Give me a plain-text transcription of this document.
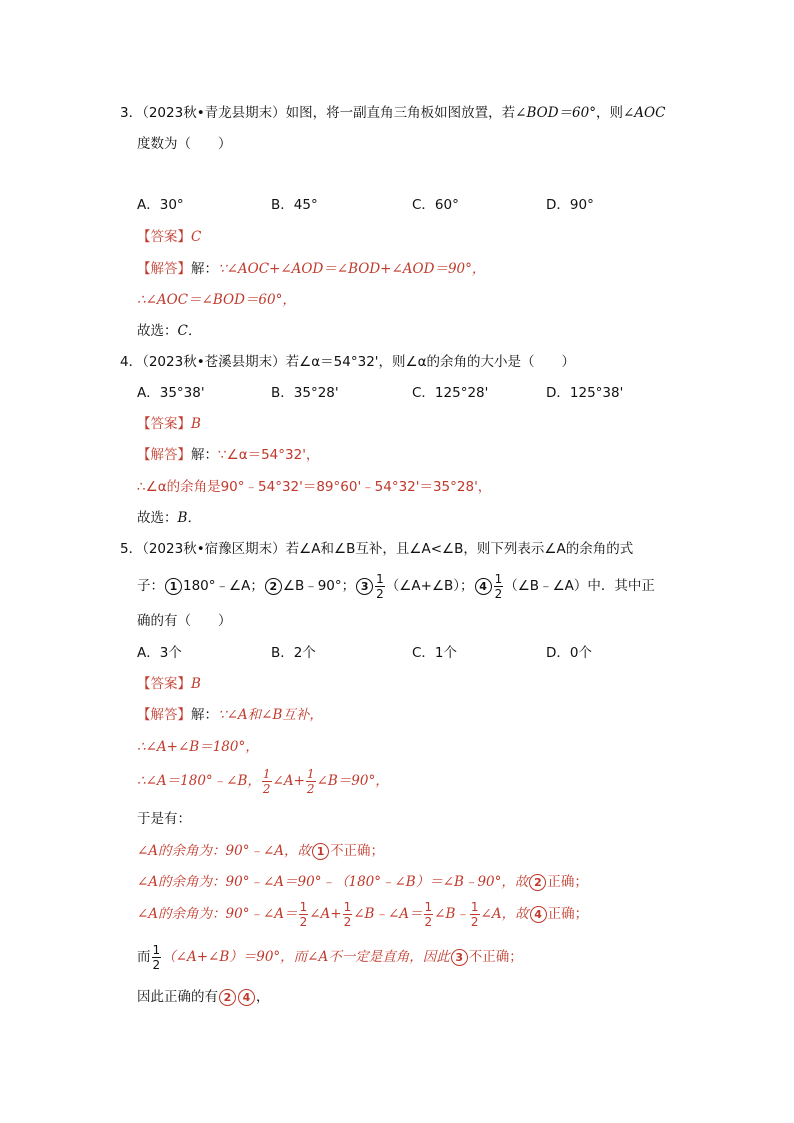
3．（2023秋•青龙县期末）如图，将一副直角三角板如图放置，若∠BOD＝60°，则∠AOC
度数为（　　）
A．30°	B．45°	C．60°	D．90°
【答案】C
【解答】解：∵∠AOC+∠AOD＝∠BOD+∠AOD＝90°，
∴∠AOC＝∠BOD＝60°，
故选：C．
4．（2023秋•苍溪县期末）若∠α＝54°32'，则∠α的余角的大小是（　　）
A．35°38'	B．35°28'	C．125°28'	D．125°38'
【答案】B
【解答】解：∵∠α＝54°32'，
∴∠α的余角是90°﹣54°32'＝89°60'﹣54°32'＝35°28'，
故选：B．
5．（2023秋•宿豫区期末）若∠A和∠B互补，且∠A<∠B，则下列表示∠A的余角的式
子： 1 180°﹣∠A； 2 ∠B﹣90°； $3 \frac{1}{2}$ （∠A+∠B）； $4 \frac{1}{2}$ （∠B﹣∠A）中．其中正
确的有（　　）
A．3个	B．2个	C．1个	D．0个
【答案】B
【解答】解：∵∠A和∠B互补，
∴∠A+∠B＝180°，
∴∠A＝180°﹣∠B， $\frac{1}{2}$ ∠A+ $\frac{1}{2}$ ∠B＝90°，
于是有：
∠A的余角为：90°﹣∠A，故 1 不正确；
∠A的余角为：90°﹣∠A＝90°﹣（180°﹣∠B）＝∠B﹣90°，故 2 正确；
∠A的余角为：90°﹣∠A＝ $\frac{1}{2}$ ∠A+ $\frac{1}{2}$ ∠B﹣∠A＝ $\frac{1}{2}$ ∠B﹣ $\frac{1}{2}$ ∠A，故 4 正确；
而 $\frac{1}{2}$ （∠A+∠B）＝90°，而∠A不一定是直角，因此 3 不正确；
因此正确的有 2 4 ，
